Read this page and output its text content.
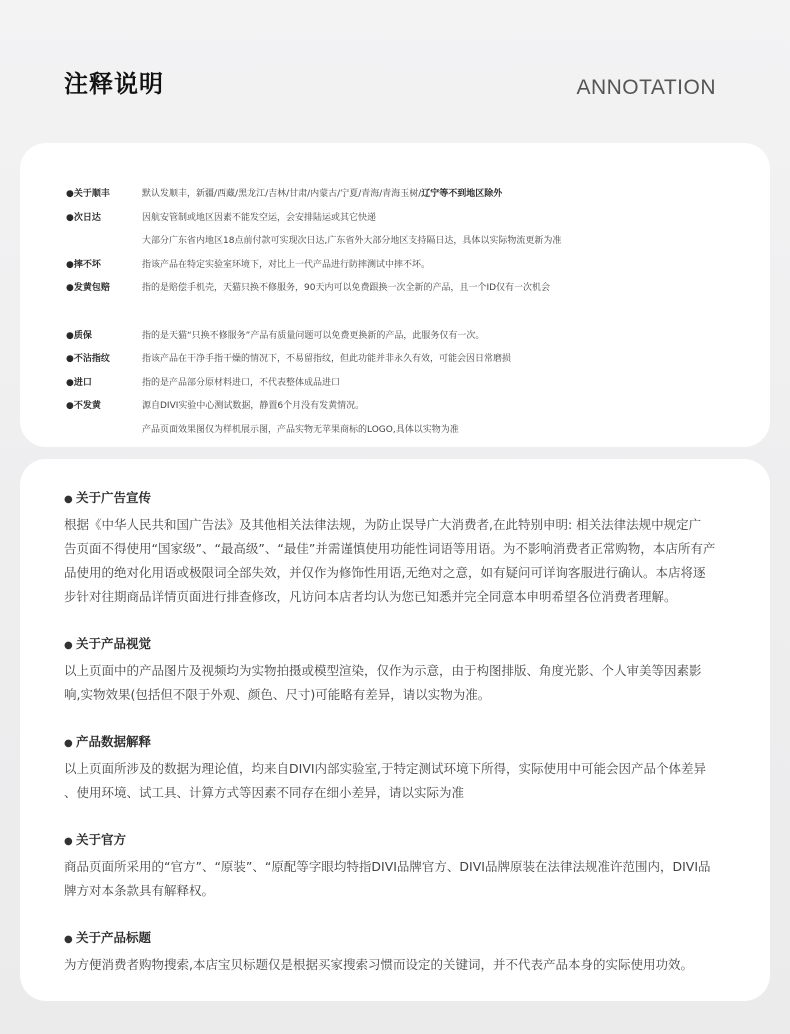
注释说明	ANNOTATION
●关于顺丰	默认发顺丰，新疆/西藏/黑龙江/吉林/甘肃/内蒙古/宁夏/青海/青海玉树/辽宁等不到地区除外
●次日达	因航安管制或地区因素不能发空运，会安排陆运或其它快递
大部分广东省内地区18点前付款可实现次日达,广东省外大部分地区支持隔日达，具体以实际物流更新为准
●摔不坏	指该产品在特定实验室环境下，对比上一代产品进行防摔测试中摔不坏。
●发黄包赔	指的是赔偿手机壳，天猫只换不修服务，90天内可以免费跟换一次全新的产品，且一个ID仅有一次机会
●质保	指的是天猫“只换不修服务”产品有质量问题可以免费更换新的产品，此服务仅有一次。
●不沾指纹	指该产品在干净手指干燥的情况下，不易留指纹，但此功能并非永久有效，可能会因日常磨损
●进口	指的是产品部分原材料进口，不代表整体成品进口
●不发黄	源自DIVI实验中心测试数据，静置6个月没有发黄情况。
产品页面效果图仅为样机展示图，产品实物无苹果商标的LOGO,具体以实物为准
● 关于广告宣传
根据《中华人民共和国广告法》及其他相关法律法规，为防止误导广大消费者,在此特别申明: 相关法律法规中规定广
告页面不得使用“国家级”、“最高级”、“最佳”并需谨慎使用功能性词语等用语。为不影响消费者正常购物，本店所有产
品使用的绝对化用语或极限词全部失效，并仅作为修饰性用语,无绝对之意，如有疑问可详询客服进行确认。本店将逐
步针对往期商品详情页面进行排查修改，凡访问本店者均认为您已知悉并完全同意本申明希望各位消费者理解。
● 关于产品视觉
以上页面中的产品图片及视频均为实物拍摄或模型渲染，仅作为示意，由于构图排版、角度光影、个人审美等因素影
响,实物效果(包括但不限于外观、颜色、尺寸)可能略有差异，请以实物为准。
● 产品数据解释
以上页面所涉及的数据为理论值，均来自DIVI内部实验室,于特定测试环境下所得，实际使用中可能会因产品个体差异
、使用环境、试工具、计算方式等因素不同存在细小差异，请以实际为准
● 关于官方
商品页面所采用的“官方”、“原装”、“原配等字眼均特指DIVI品牌官方、DIVI品牌原装在法律法规准许范围内，DIVI品
牌方对本条款具有解释权。
● 关于产品标题
为方便消费者购物搜索,本店宝贝标题仅是根据买家搜索习惯而设定的关键词，并不代表产品本身的实际使用功效。
